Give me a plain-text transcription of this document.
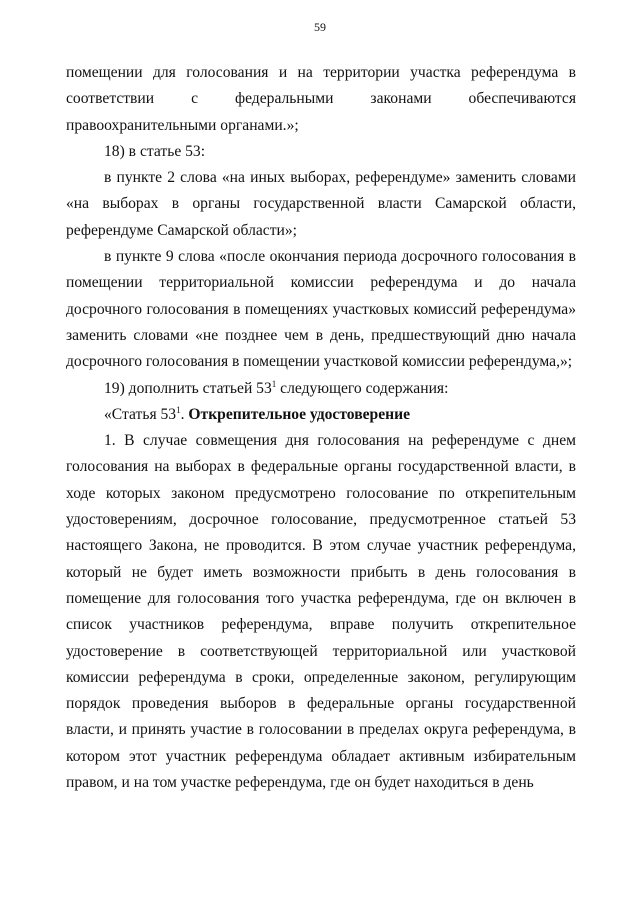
59

помещении для голосования и на территории участка референдума в соответствии с федеральными законами обеспечиваются правоохранительными органами.»;

18) в статье 53:

в пункте 2 слова «на иных выборах, референдуме» заменить словами «на выборах в органы государственной власти Самарской области, референдуме Самарской области»;

в пункте 9 слова «после окончания периода досрочного голосования в помещении территориальной комиссии референдума и до начала досрочного голосования в помещениях участковых комиссий референдума» заменить словами «не позднее чем в день, предшествующий дню начала досрочного голосования в помещении участковой комиссии референдума,»;

19) дополнить статьей $53^1$ следующего содержания:

«Статья $53^1$. Открепительное удостоверение

1. В случае совмещения дня голосования на референдуме с днем голосования на выборах в федеральные органы государственной власти, в ходе которых законом предусмотрено голосование по открепительным удостоверениям, досрочное голосование, предусмотренное статьей 53 настоящего Закона, не проводится. В этом случае участник референдума, который не будет иметь возможности прибыть в день голосования в помещение для голосования того участка референдума, где он включен в список участников референдума, вправе получить открепительное удостоверение в соответствующей территориальной или участковой комиссии референдума в сроки, определенные законом, регулирующим порядок проведения выборов в федеральные органы государственной власти, и принять участие в голосовании в пределах округа референдума, в котором этот участник референдума обладает активным избирательным правом, и на том участке референдума, где он будет находиться в день
